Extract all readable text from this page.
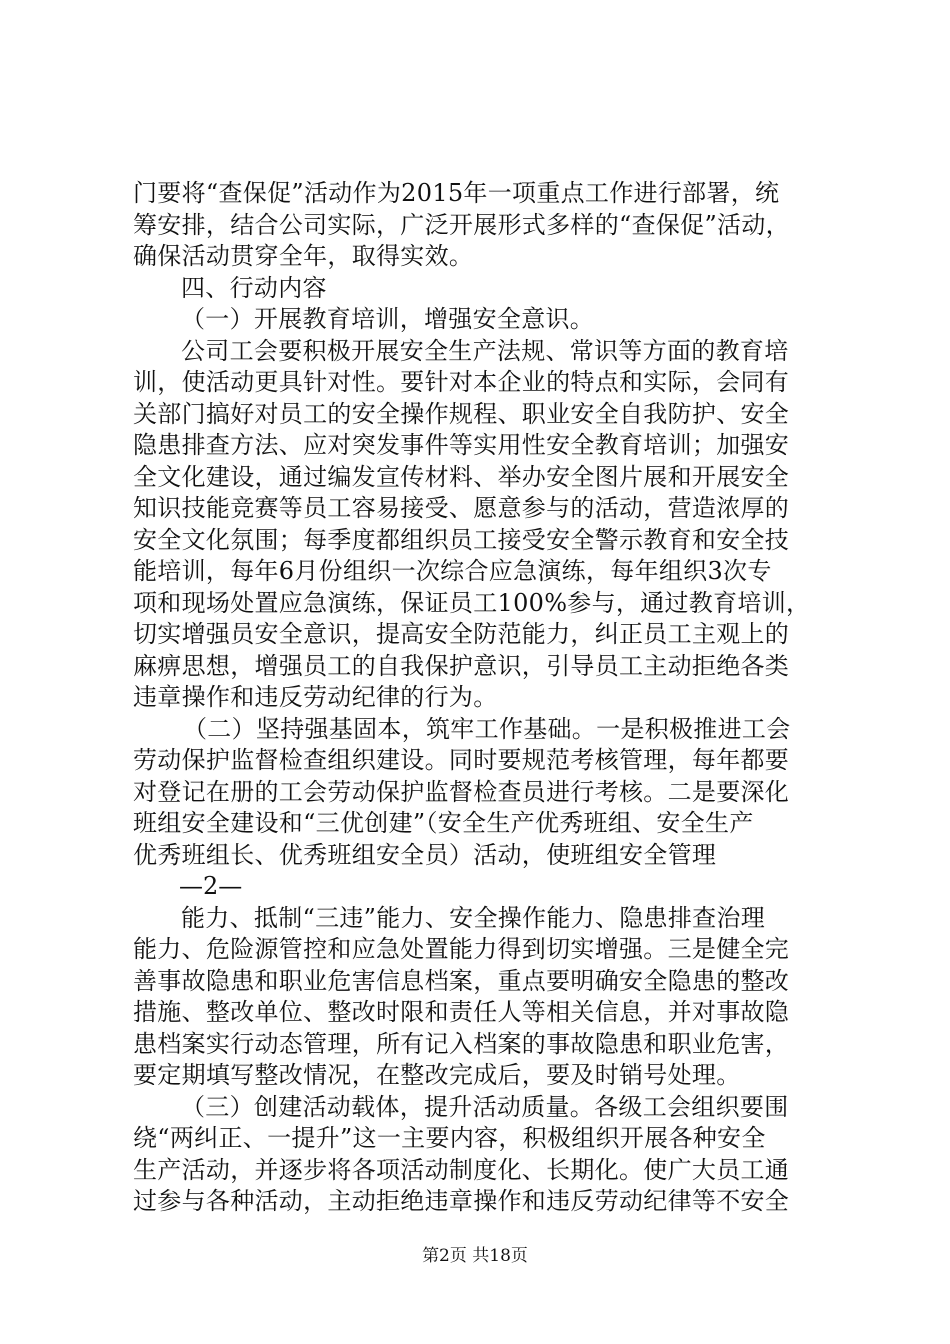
门要将“查保促”活动作为2015年一项重点工作进行部署，统
筹安排，结合公司实际，广泛开展形式多样的“查保促”活动，
确保活动贯穿全年，取得实效。
四、行动内容
（一）开展教育培训，增强安全意识。
公司工会要积极开展安全生产法规、常识等方面的教育培
训，使活动更具针对性。要针对本企业的特点和实际，会同有
关部门搞好对员工的安全操作规程、职业安全自我防护、安全
隐患排查方法、应对突发事件等实用性安全教育培训；加强安
全文化建设，通过编发宣传材料、举办安全图片展和开展安全
知识技能竞赛等员工容易接受、愿意参与的活动，营造浓厚的
安全文化氛围；每季度都组织员工接受安全警示教育和安全技
能培训，每年6月份组织一次综合应急演练，每年组织3次专
项和现场处置应急演练，保证员工100%参与，通过教育培训，
切实增强员安全意识，提高安全防范能力，纠正员工主观上的
麻痹思想，增强员工的自我保护意识，引导员工主动拒绝各类
违章操作和违反劳动纪律的行为。
（二）坚持强基固本，筑牢工作基础。一是积极推进工会
劳动保护监督检查组织建设。同时要规范考核管理，每年都要
对登记在册的工会劳动保护监督检查员进行考核。二是要深化
班组安全建设和“三优创建”（安全生产优秀班组、安全生产
优秀班组长、优秀班组安全员）活动，使班组安全管理
—2—
能力、抵制“三违”能力、安全操作能力、隐患排查治理
能力、危险源管控和应急处置能力得到切实增强。三是健全完
善事故隐患和职业危害信息档案，重点要明确安全隐患的整改
措施、整改单位、整改时限和责任人等相关信息，并对事故隐
患档案实行动态管理，所有记入档案的事故隐患和职业危害，
要定期填写整改情况，在整改完成后，要及时销号处理。
（三）创建活动载体，提升活动质量。各级工会组织要围
绕“两纠正、一提升”这一主要内容，积极组织开展各种安全
生产活动，并逐步将各项活动制度化、长期化。使广大员工通
过参与各种活动，主动拒绝违章操作和违反劳动纪律等不安全
第2页 共18页
